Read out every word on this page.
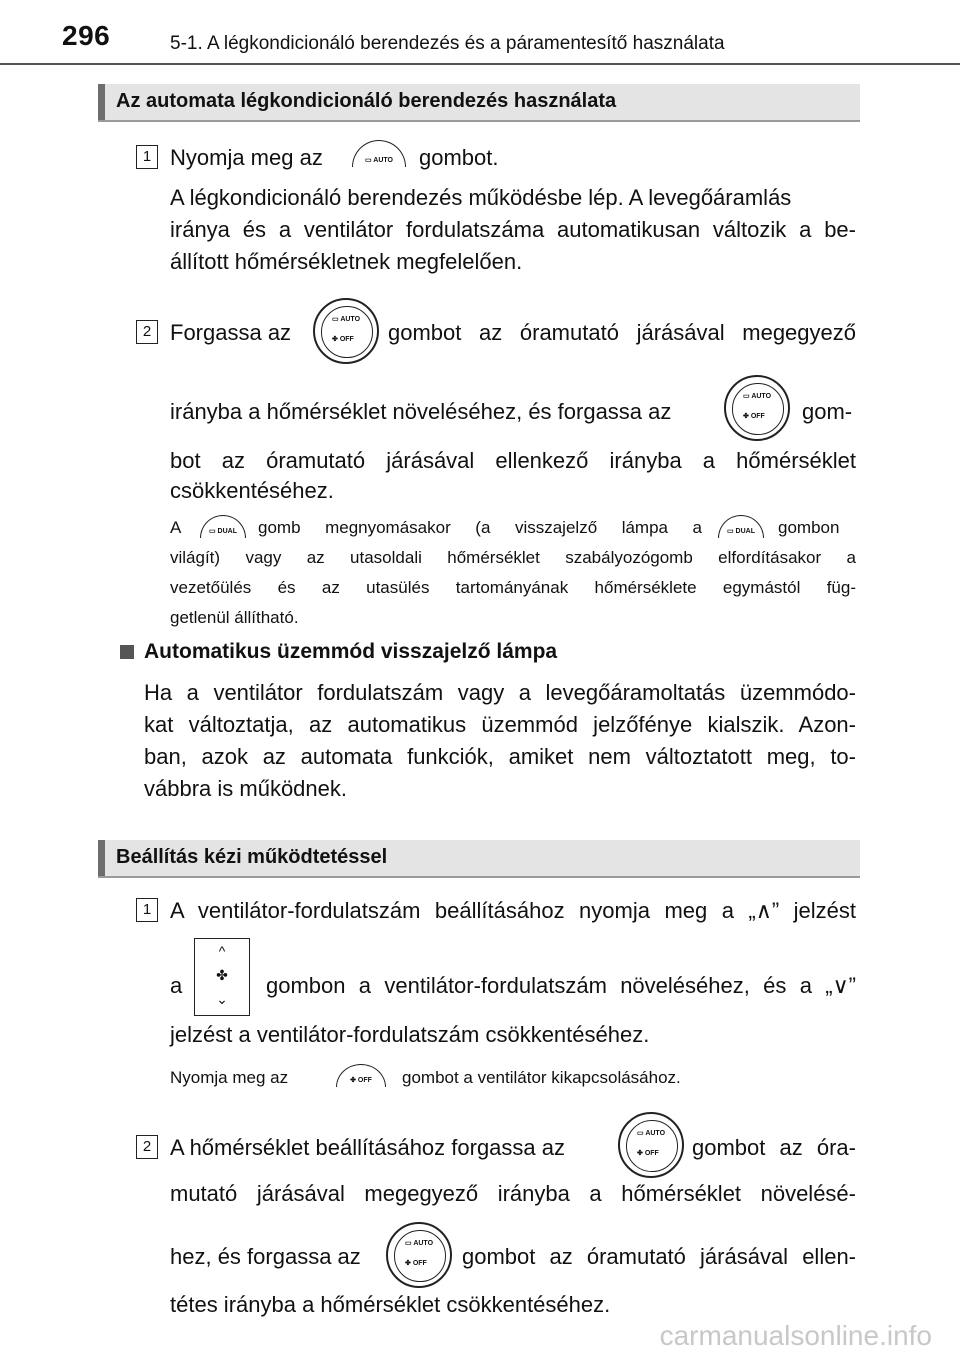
296	5-1. A légkondicionáló berendezés és a páramentesítő használata
Az automata légkondicionáló berendezés használata
1 Nyomja meg az	▭ AUTO	gombot.
A légkondicionáló berendezés működésbe lép. A levegőáramlás
iránya és a ventilátor fordulatszáma automatikusan változik a be-
állított hőmérsékletnek megfelelően.
2 Forgassa az
▭ AUTO
✤ OFF gombot az óramutató járásával megegyező
irányba a hőmérséklet növeléséhez, és forgassa az
▭ AUTO
✤ OFF gom-
bot az óramutató járásával ellenkező irányba a hőmérséklet
csökkentéséhez.
A	▭ DUAL	gomb megnyomásakor (a visszajelző lámpa a	▭ DUAL	gombon
világít) vagy az utasoldali hőmérséklet szabályozógomb elfordításakor a
vezetőülés és az utasülés tartományának hőmérséklete egymástól füg-
getlenül állítható.
Automatikus üzemmód visszajelző lámpa
Ha a ventilátor fordulatszám vagy a levegőáramoltatás üzemmódo-
kat változtatja, az automatikus üzemmód jelzőfénye kialszik. Azon-
ban, azok az automata funkciók, amiket nem változtatott meg, to-
vábbra is működnek.
Beállítás kézi működtetéssel
1 A ventilátor-fordulatszám beállításához nyomja meg a „∧” jelzést
a
^
✤
⌄
gombon a ventilátor-fordulatszám növeléséhez, és a „∨”
jelzést a ventilátor-fordulatszám csökkentéséhez.
Nyomja meg az	✤ OFF	gombot a ventilátor kikapcsolásához.
2 A hőmérséklet beállításához forgassa az
▭ AUTO
✤ OFF gombot az óra-
mutató járásával megegyező irányba a hőmérséklet növelésé-
hez, és forgassa az
▭ AUTO
✤ OFF gombot az óramutató járásával ellen-
tétes irányba a hőmérséklet csökkentéséhez.
carmanualsonline.info
